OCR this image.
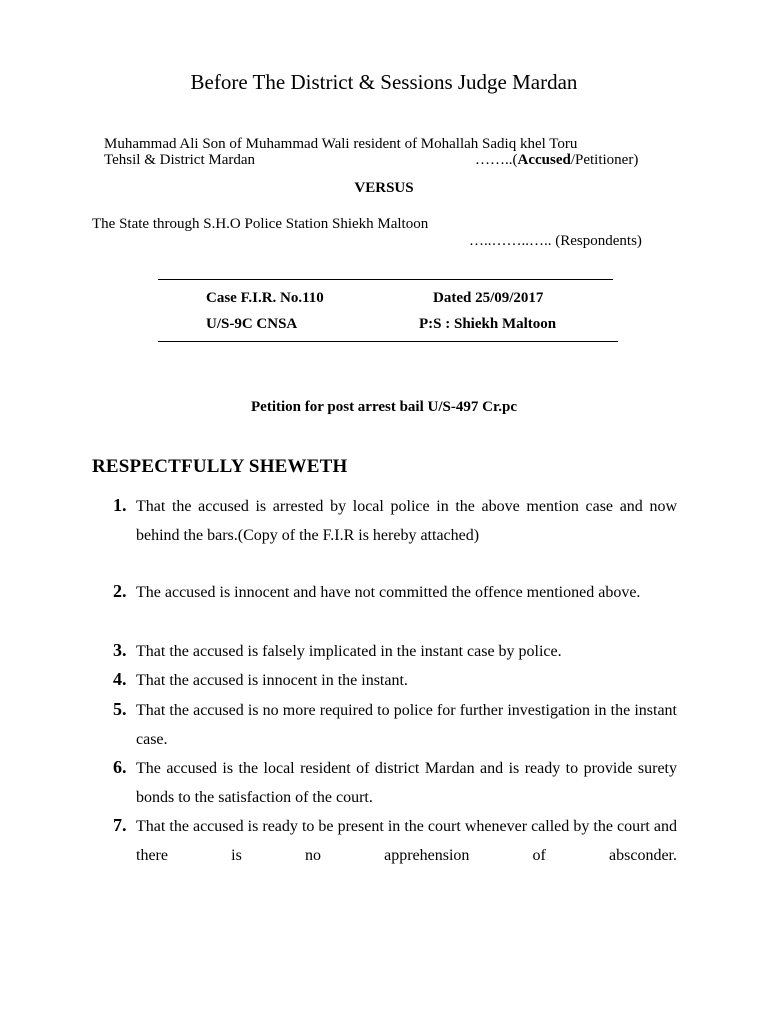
Before The District & Sessions Judge Mardan
Muhammad Ali Son of Muhammad Wali resident of Mohallah Sadiq khel Toru
Tehsil & District Mardan	……..(Accused/Petitioner)
VERSUS
The State through S.H.O Police Station Shiekh Maltoon
…..……..….. (Respondents)
Case F.I.R. No.110	Dated 25/09/2017
U/S-9C CNSA	P:S : Shiekh Maltoon
Petition for post arrest bail U/S-497 Cr.pc
RESPECTFULLY SHEWETH
1. That the accused is arrested by local police in the above mention case and now behind the bars.(Copy of the F.I.R is hereby attached)
2. The accused is innocent and have not committed the offence mentioned above.
3. That the accused is falsely implicated in the instant case by police.
4. That the accused is innocent in the instant.
5. That the accused is no more required to police for further investigation in the instant case.
6. The accused is the local resident of district Mardan and is ready to provide surety bonds to the satisfaction of the court.
7. That the accused is ready to be present in the court whenever called by the court and there is no apprehension of absconder.
